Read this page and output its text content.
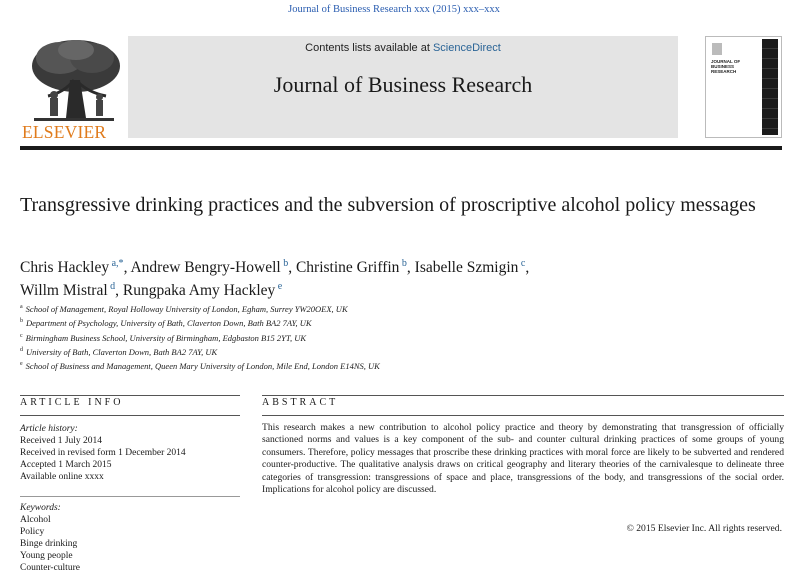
Journal of Business Research xxx (2015) xxx–xxx
ELSEVIER
Contents lists available at ScienceDirect
Journal of Business Research
JOURNAL OF BUSINESS RESEARCH
Transgressive drinking practices and the subversion of proscriptive alcohol policy messages
Chris Hackley $^{a,*}$, Andrew Bengry-Howell $^b$, Christine Griffin $^b$, Isabelle Szmigin $^c$,
Willm Mistral $^d$, Rungpaka Amy Hackley $^e$
$^a$ School of Management, Royal Holloway University of London, Egham, Surrey YW20OEX, UK
$^b$ Department of Psychology, University of Bath, Claverton Down, Bath BA2 7AY, UK
$^c$ Birmingham Business School, University of Birmingham, Edgbaston B15 2YT, UK
$^d$ University of Bath, Claverton Down, Bath BA2 7AY, UK
$^e$ School of Business and Management, Queen Mary University of London, Mile End, London E14NS, UK
ARTICLE INFO
Article history:
Received 1 July 2014
Received in revised form 1 December 2014
Accepted 1 March 2015
Available online xxxx
Keywords:
Alcohol
Policy
Binge drinking
Young people
Counter-culture
ABSTRACT
This research makes a new contribution to alcohol policy practice and theory by demonstrating that transgression of officially sanctioned norms and values is a key component of the sub- and counter cultural drinking practices of some groups of young consumers. Therefore, policy messages that proscribe these drinking practices with moral force are likely to be subverted and rendered counter-productive. The qualitative analysis draws on critical geography and literary theories of the carnivalesque to delineate three categories of transgression: transgressions of space and place, transgressions of the body, and transgressions of the social order. Implications for alcohol policy are discussed.
© 2015 Elsevier Inc. All rights reserved.
